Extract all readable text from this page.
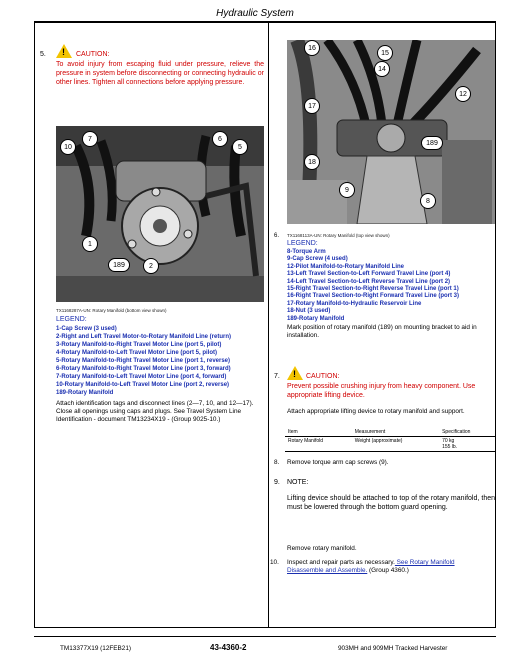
Hydraulic System
5.	! CAUTION:
To avoid injury from escaping fluid under pressure, relieve the pressure in system before disconnecting or connecting hydraulic or other lines. Tighten all connections before applying pressure.
7
10
6
5
1
189	2
TX1168287A-UN: Rotary Manifold (bottom view shown)
LEGEND:
1-Cap Screw (3 used)
2-Right and Left Travel Motor-to-Rotary Manifold Line (return)
3-Rotary Manifold-to-Right Travel Motor Line (port 5, pilot)
4-Rotary Manifold-to-Left Travel Motor Line (port 5, pilot)
5-Rotary Manifold-to-Right Travel Motor Line (port 1, reverse)
6-Rotary Manifold-to-Right Travel Motor Line (port 3, forward)
7-Rotary Manifold-to-Left Travel Motor Line (port 4, forward)
10-Rotary Manifold-to-Left Travel Motor Line (port 2, reverse)
189-Rotary Manifold
Attach identification tags and disconnect lines (2—7, 10, and 12—17). Close all openings using caps and plugs. See Travel System Line Identification - document TM13234X19 - (Group 9025-10.)
16
15
14
12
17
189
18
9
8
6. TX1168113A-UN: Rotary Manifold (top view shown)
LEGEND:
8-Torque Arm
9-Cap Screw (4 used)
12-Pilot Manifold-to-Rotary Manifold Line
13-Left Travel Section-to-Left Forward Travel Line (port 4)
14-Left Travel Section-to-Left Reverse Travel Line (port 2)
15-Right Travel Section-to-Right Reverse Travel Line (port 1)
16-Right Travel Section-to-Right Forward Travel Line (port 3)
17-Rotary Manifold-to-Hydraulic Reservoir Line
18-Nut (3 used)
189-Rotary Manifold
Mark position of rotary manifold (189) on mounting bracket to aid in installation.
7. ! CAUTION:
Prevent possible crushing injury from heavy component. Use appropriate lifting device.
Attach appropriate lifting device to rotary manifold and support.
Item	Measurement	Specification
Rotary Manifold	Weight (approximate)	70 kg
155 lb.
8. Remove torque arm cap screws (9).
9. NOTE:
Lifting device should be attached to top of the rotary manifold, then must be lowered through the bottom guard opening.
Remove rotary manifold.
10. Inspect and repair parts as necessary. See Rotary Manifold Disassemble and Assemble. (Group 4360.)
TM13377X19 (12FEB21)	43-4360-2	903MH and 909MH Tracked Harvester
